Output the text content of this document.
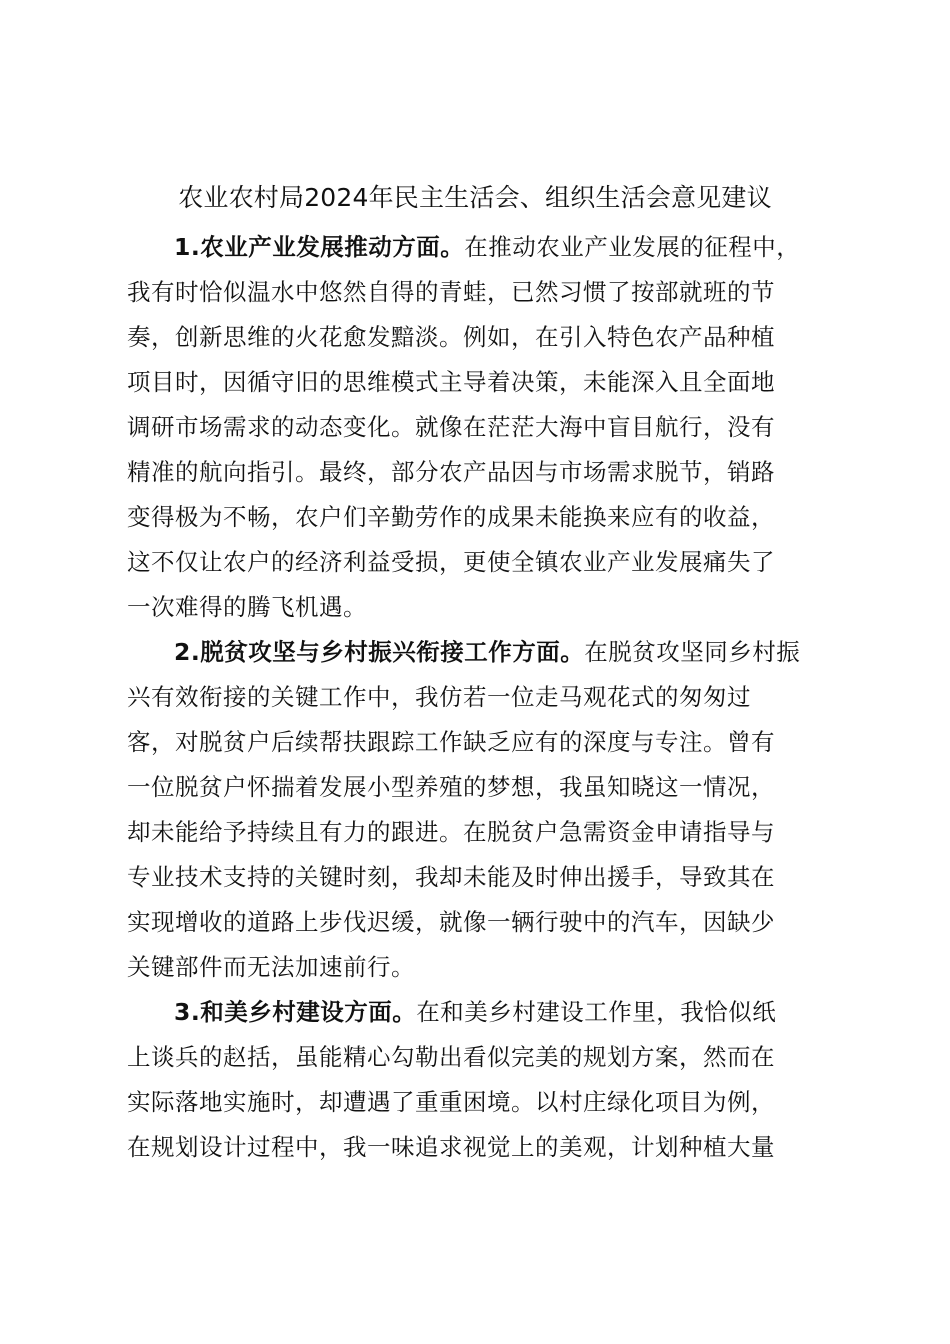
农业农村局2024年民主生活会、组织生活会意见建议
1.农业产业发展推动方面。在推动农业产业发展的征程中，
我有时恰似温水中悠然自得的青蛙，已然习惯了按部就班的节
奏，创新思维的火花愈发黯淡。例如，在引入特色农产品种植
项目时，因循守旧的思维模式主导着决策，未能深入且全面地
调研市场需求的动态变化。就像在茫茫大海中盲目航行，没有
精准的航向指引。最终，部分农产品因与市场需求脱节，销路
变得极为不畅，农户们辛勤劳作的成果未能换来应有的收益，
这不仅让农户的经济利益受损，更使全镇农业产业发展痛失了
一次难得的腾飞机遇。
2.脱贫攻坚与乡村振兴衔接工作方面。在脱贫攻坚同乡村振
兴有效衔接的关键工作中，我仿若一位走马观花式的匆匆过
客，对脱贫户后续帮扶跟踪工作缺乏应有的深度与专注。曾有
一位脱贫户怀揣着发展小型养殖的梦想，我虽知晓这一情况，
却未能给予持续且有力的跟进。在脱贫户急需资金申请指导与
专业技术支持的关键时刻，我却未能及时伸出援手，导致其在
实现增收的道路上步伐迟缓，就像一辆行驶中的汽车，因缺少
关键部件而无法加速前行。
3.和美乡村建设方面。在和美乡村建设工作里，我恰似纸
上谈兵的赵括，虽能精心勾勒出看似完美的规划方案，然而在
实际落地实施时，却遭遇了重重困境。以村庄绿化项目为例，
在规划设计过程中，我一味追求视觉上的美观，计划种植大量
